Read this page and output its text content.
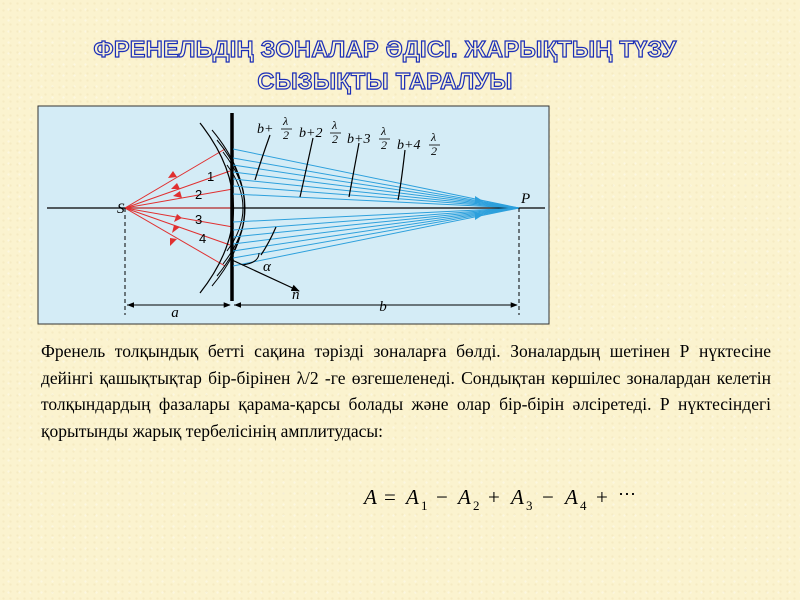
ФРЕНЕЛЬДІҢ ЗОНАЛАР ӘДІСІ. ЖАРЫҚТЫҢ ТҮЗУ
СЫЗЫҚТЫ ТАРАЛУЫ
S
P
a	b
α
n
1
2
3
4
b+
λ
2 b+2
λ
2 b+3
λ
2 b+4
λ
2
Френель толқындық бетті сақина тәрізді зоналарға бөлді. Зоналардың шетінен Р нүктесіне дейінгі қашықтықтар бір-бірінен λ/2 -ге өзгешеленеді. Сондықтан көршілес зоналардан келетін толқындардың фазалары қарама-қарсы болады және олар бір-бірін әлсіретеді. Р нүктесіндегі қорытынды жарық тербелісінің амплитудасы:
A = A 1 − A 2 + A 3 − A 4 + ⋯
